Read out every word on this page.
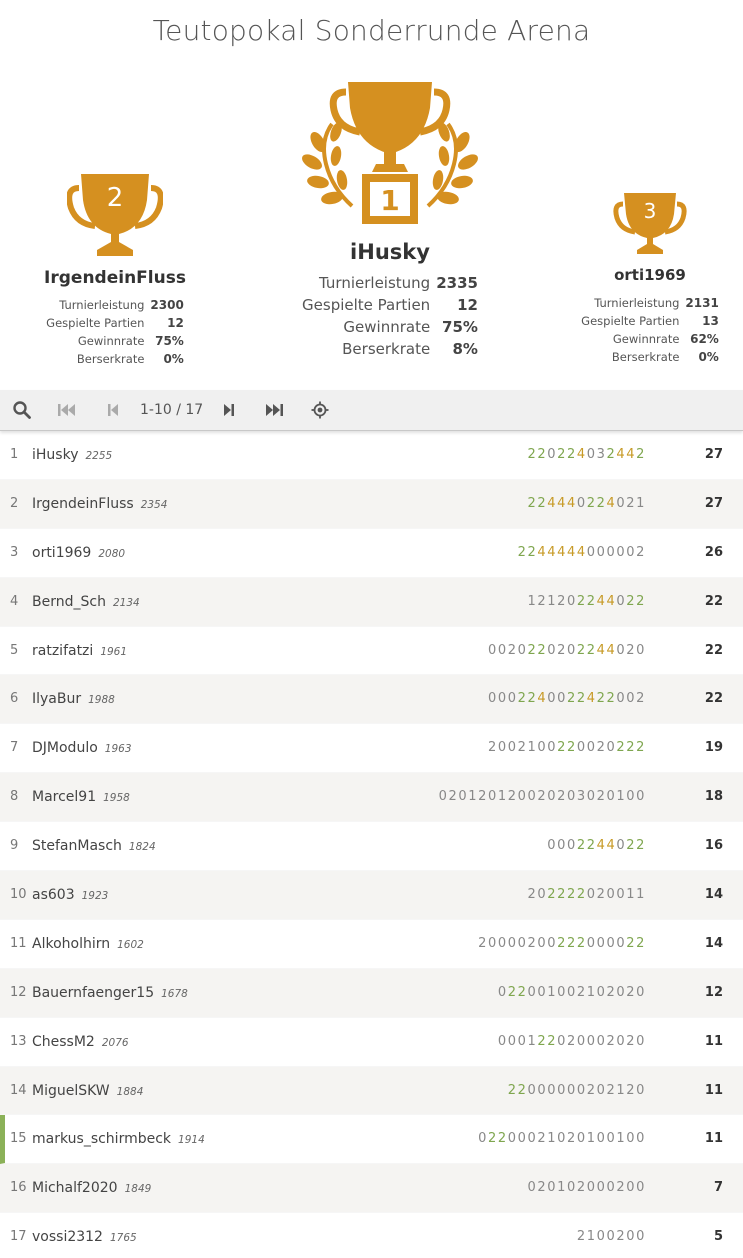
Teutopokal Sonderrunde Arena
2
IrgendeinFluss
Turnierleistung	2300
Gespielte Partien	12
Gewinnrate	75%
Berserkrate	0%
1
iHusky
Turnierleistung	2335
Gespielte Partien	12
Gewinnrate	75%
Berserkrate	8%
3
orti1969
Turnierleistung	2131
Gespielte Partien	13
Gewinnrate	62%
Berserkrate	0%
1-10 / 17
1 iHusky 2255	220224032442	27
2 IrgendeinFluss 2354	224440224021	27
3 orti1969 2080	2244444000002	26
4 Bernd_Sch 2134	121202244022	22
5 ratzifatzi 1961	0020220202244020	22
6 IlyaBur 1988	0002240022422002	22
7 DJModulo 1963	2002100220020222	19
8 Marcel91 1958	020120120020203020100	18
9 StefanMasch 1824	0002244022	16
10 as603 1923	202222020011	14
11 Alkoholhirn 1602	20000200222000022	14
12 Bauernfaenger15 1678	022001002102020	12
13 ChessM2 2076	000122020002020	11
14 MiguelSKW 1884	22000000202120	11
15 markus_schirmbeck 1914	02200021020100100	11
16 Michalf2020 1849	020102000200	7
17 vossi2312 1765	2100200	5
